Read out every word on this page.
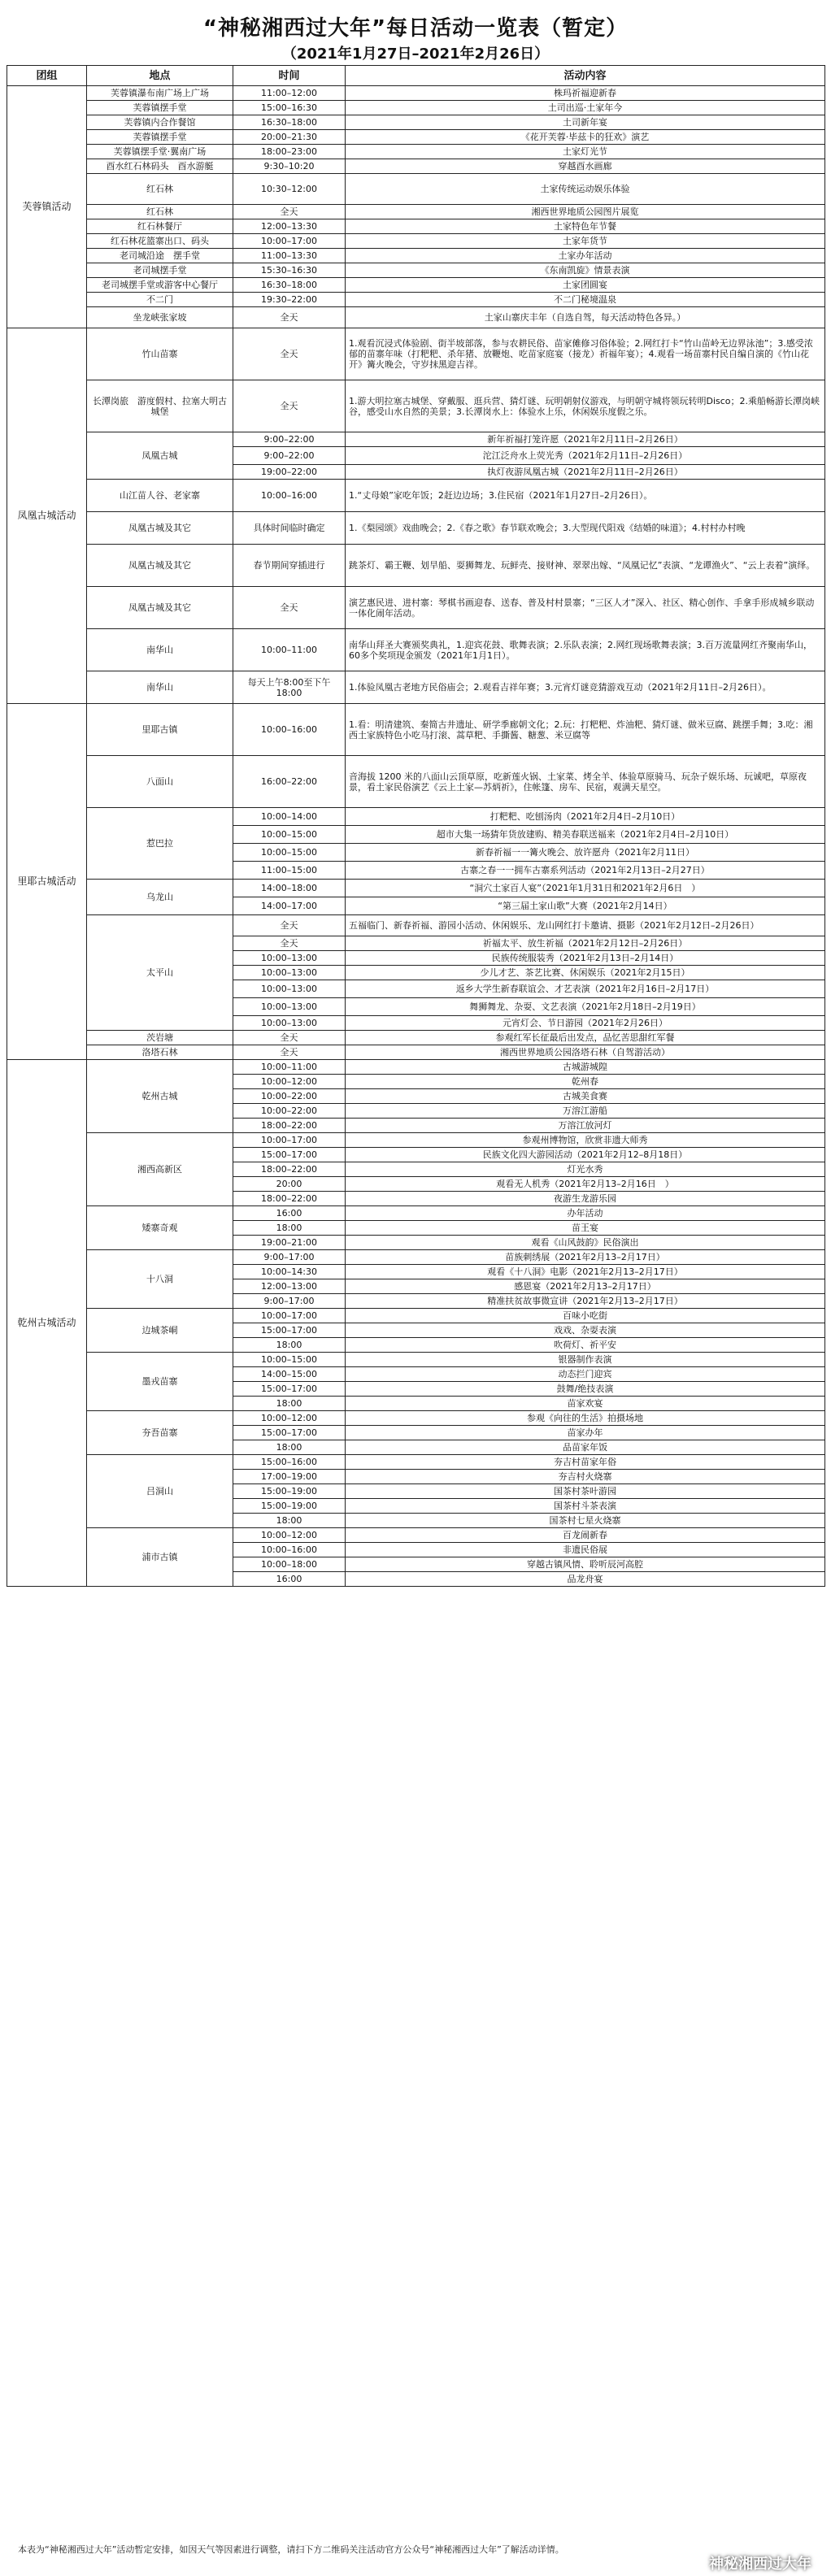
“神秘湘西过大年”每日活动一览表（暂定）
（2021年1月27日–2021年2月26日）
团组	地点	时间	活动内容
芙蓉镇活动	芙蓉镇瀑布南广场上广场	11:00–12:00	株玛祈福迎新春
	芙蓉镇摆手堂	15:00–16:30	土司出巡·土家年今
	芙蓉镇内合作餐馆	16:30–18:00	土司新年宴
	芙蓉镇摆手堂	20:00–21:30	《花开芙蓉·毕兹卡的狂欢》演艺
	芙蓉镇摆手堂·翼南广场	18:00–23:00	土家灯光节
	酉水红石林码头　酉水游艇	9:30–10:20	穿越酉水画廊
	红石林	10:30–12:00	土家传统运动娱乐体验
	红石林	全天	湘西世界地质公园图片展览
	红石林餐厅	12:00–13:30	土家特色年节餐
	红石林花篮寨出口、码头	10:00–17:00	土家年货节
	老司城沿途　摆手堂	11:00–13:30	土家办年活动
	老司城摆手堂	15:30–16:30	《东南凯旋》情景表演
	老司城摆手堂或游客中心餐厅	16:30–18:00	土家团圆宴
	不二门	19:30–22:00	不二门秘境温泉
	坐龙峡张家坡	全天	土家山寨庆丰年（自选自驾，每天活动特色各异。）
凤凰古城活动	竹山苗寨	全天	1.观看沉浸式体验剧、街半坡部落，参与农耕民俗、苗家傩修习俗体验；2.网红打卡“竹山苗岭无边界泳池”；3.感受浓郁的苗寨年味（打粑粑、杀年猪、放鞭炮、吃苗家庭宴（接龙）祈福年宴）；4.观看一场苗寨村民自编自演的《竹山花开》篝火晚会，守岁抹黑迎吉祥。
	长潭岗旅　游度假村、拉塞大明古城堡	全天	1.游大明拉塞古城堡、穿戴服、逛兵营、猜灯谜、玩明朝射仪游戏，与明朝守城将领玩转明Disco；2.乘船畅游长潭岗峡谷，感受山水自然的美景；3.长潭岗水上：体验水上乐，休闲娱乐度假之乐。
	凤凰古城	9:00–22:00	新年祈福打笼许愿（2021年2月11日–2月26日）
		9:00–22:00	沱江泛舟水上荧光秀（2021年2月11日–2月26日）
		19:00–22:00	执灯夜游凤凰古城（2021年2月11日–2月26日）
	山江苗人谷、老家寨	10:00–16:00	1.“丈母娘”家吃年饭；2赶边边场；3.住民宿（2021年1月27日–2月26日）。
	凤凰古城及其它	具体时间临时确定	1.《梨园颂》戏曲晚会；2.《春之歌》春节联欢晚会；3.大型现代阳戏《结婚的味道》；4.村村办村晚
	凤凰古城及其它	春节期间穿插进行	跳茶灯、霸王鞭、划旱船、耍狮舞龙、玩鲜壳、接财神、翠翠出嫁、“凤凰记忆”表演、“龙谭渔火”、“云上表着”演绎。
	凤凰古城及其它	全天	演艺惠民进、进村寨：琴棋书画迎春、送春、普及村村景寨；“三区人才”深入、社区、精心创作、手拿手形成城乡联动一体化闹年活动。
	南华山	10:00–11:00	南华山拜圣大赛颁奖典礼，1.迎宾花鼓、歌舞表演；2.乐队表演；2.网红现场歌舞表演；3.百万流量网红齐聚南华山，60多个奖项现金颁发（2021年1月1日）。
	南华山	每天上午8:00至下午18:00	1.体验凤凰古老地方民俗庙会；2.观看吉祥年赛；3.元宵灯谜竞猜游戏互动（2021年2月11日–2月26日）。
里耶古城活动	里耶古镇	10:00–16:00	1.看：明清建筑、秦简古井遗址、研学季廊朝文化；2.玩：打粑粑、炸油粑、猜灯谜、做米豆腐、跳摆手舞；3.吃：湘西土家族特色小吃马打滚、蒿草粑、手撕酱、糖葱、米豆腐等
	八面山	16:00–22:00	音海拔 1200 米的八面山云顶草原，吃新莲火锅、土家菜、烤全羊、体验草原骑马、玩杂子娱乐场、玩诚吧，草原夜景，看土家民俗演艺《云上土家—苏炳祈》，住帐篷、房车、民宿，观满天星空。
	惹巴拉	10:00–14:00	打粑粑、吃刨汤肉（2021年2月4日–2月10日）
		10:00–15:00	超市大集一场猜年货放建购、精美春联送福来（2021年2月4日–2月10日）
		10:00–15:00	新春祈福一一篝火晚会、放许愿舟（2021年2月11日）
		11:00–15:00	古寨之春一一拥车古寨系列活动（2021年2月13日–2月27日）
	乌龙山	14:00–18:00	“洞穴土家百人宴”（2021年1月31日和2021年2月6日　）
		14:00–17:00	“第三届土家山歌”大赛（2021年2月14日）
	太平山	全天	五福临门、新春祈福、游园小活动、休闲娱乐、龙山网红打卡邀请、摄影（2021年2月12日–2月26日）
		全天	祈福太平、放生祈福（2021年2月12日–2月26日）
		10:00–13:00	民族传统服装秀（2021年2月13日–2月14日）
		10:00–13:00	少儿才艺、茶艺比赛、休闲娱乐（2021年2月15日）
		10:00–13:00	返乡大学生新春联谊会、才艺表演（2021年2月16日–2月17日）
		10:00–13:00	舞狮舞龙、杂耍、文艺表演（2021年2月18日–2月19日）
		10:00–13:00	元宵灯会、节日游园（2021年2月26日）
	茨岩塘	全天	参观红军长征最后出发点，品忆苦思甜红军餐
	洛塔石林	全天	湘西世界地质公园洛塔石林（自驾游活动）
乾州古城活动	乾州古城	10:00–11:00	古城游城隍
		10:00–12:00	乾州春
		10:00–22:00	古城美食赛
		10:00–22:00	万溶江游船
		18:00–22:00	万溶江放河灯
	湘西高新区	10:00–17:00	参观州博物馆，欣赏非遗大师秀
		15:00–17:00	民族文化四大游园活动（2021年2月12–8月18日）
		18:00–22:00	灯光水秀
		20:00	观看无人机秀（2021年2月13–2月16日　）
		18:00–22:00	夜游生龙游乐园
	矮寨奇观	16:00	办年活动
		18:00	苗王宴
		19:00–21:00	观看《山风鼓韵》民俗演出
	十八洞	9:00–17:00	苗族刺绣展（2021年2月13–2月17日）
		10:00–14:30	观看《十八洞》电影（2021年2月13–2月17日）
		12:00–13:00	感恩宴（2021年2月13–2月17日）
		9:00–17:00	精准扶贫故事微宣讲（2021年2月13–2月17日）
	边城茶峒	10:00–17:00	百味小吃街
		15:00–17:00	戏戏、杂耍表演
		18:00	吹荷灯、祈平安
	墨戎苗寨	10:00–15:00	银器制作表演
		14:00–15:00	动态拦门迎宾
		15:00–17:00	鼓舞/绝技表演
		18:00	苗家欢宴
	夯吾苗寨	10:00–12:00	参观《向往的生活》拍摄场地
		15:00–17:00	苗家办年
		18:00	品苗家年饭
	吕洞山	15:00–16:00	夯吉村苗家年俗
		17:00–19:00	夯吉村火烧寨
		15:00–19:00	国茶村茶叶游园
		15:00–19:00	国茶村斗茶表演
		18:00	国茶村七星火烧寨
	浦市古镇	10:00–12:00	百龙闹新春
		10:00–16:00	非遗民俗展
		10:00–18:00	穿越古镇风情、聆听辰河高腔
		16:00	品龙舟宴
本表为“神秘湘西过大年”活动暂定安排，如因天气等因素进行调整，请扫下方二维码关注活动官方公众号“神秘湘西过大年”了解活动详情。
神秘湘西过大年
